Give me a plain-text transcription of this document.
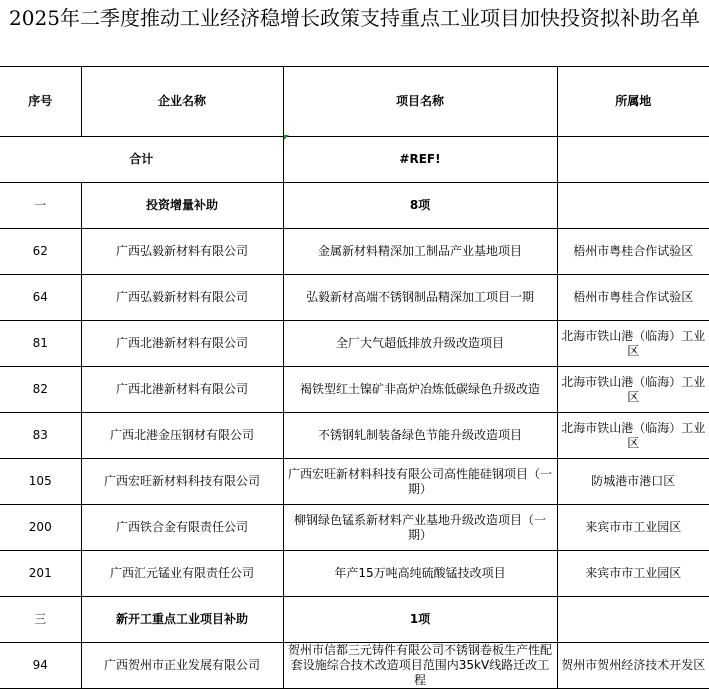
2025年二季度推动工业经济稳增长政策支持重点工业项目加快投资拟补助名单
序号	企业名称	项目名称	所属地
合计		#REF!	
一	投资增量补助	8项	
62	广西弘毅新材料有限公司	金属新材料精深加工制品产业基地项目	梧州市粤桂合作试验区
64	广西弘毅新材料有限公司	弘毅新材高端不锈钢制品精深加工项目一期	梧州市粤桂合作试验区
81	广西北港新材料有限公司	全厂大气超低排放升级改造项目	北海市铁山港（临海）工业区
82	广西北港新材料有限公司	褐铁型红土镍矿非高炉冶炼低碳绿色升级改造	北海市铁山港（临海）工业区
83	广西北港金压钢材有限公司	不锈钢轧制装备绿色节能升级改造项目	北海市铁山港（临海）工业区
105	广西宏旺新材料科技有限公司	广西宏旺新材料科技有限公司高性能硅钢项目（一期）	防城港市港口区
200	广西铁合金有限责任公司	柳钢绿色锰系新材料产业基地升级改造项目（一期）	来宾市市工业园区
201	广西汇元锰业有限责任公司	年产15万吨高纯硫酸锰技改项目	来宾市市工业园区
三	新开工重点工业项目补助	1项	
94	广西贺州市正业发展有限公司	贺州市信都三元铸件有限公司不锈钢卷板生产性配套设施综合技术改造项目范围内35kV线路迁改工程	贺州市贺州经济技术开发区
